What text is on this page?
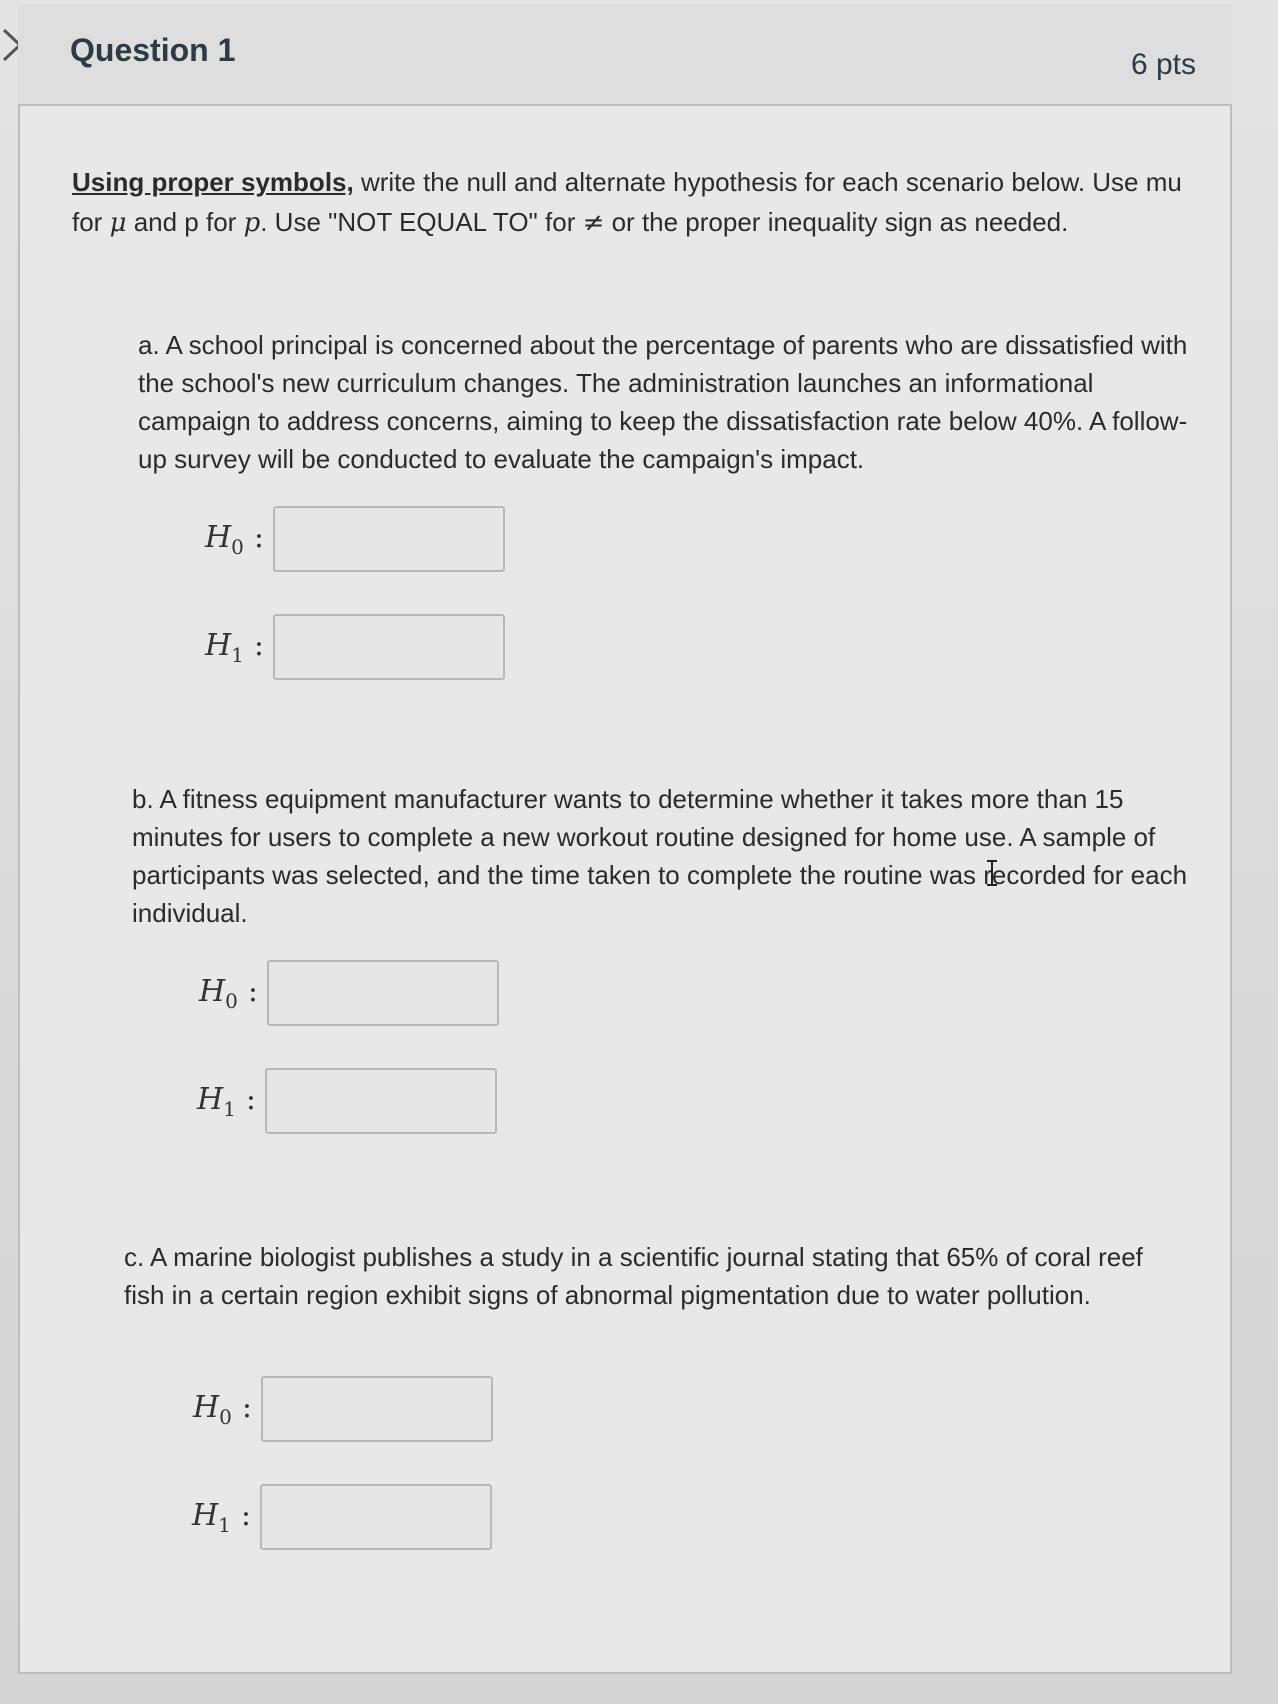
Question 1	6 pts
Using proper symbols, write the null and alternate hypothesis for each scenario below. Use mu for μ and p for p. Use "NOT EQUAL TO" for ≠ or the proper inequality sign as needed.
a. A school principal is concerned about the percentage of parents who are dissatisfied with the school's new curriculum changes. The administration launches an informational campaign to address concerns, aiming to keep the dissatisfaction rate below 40%. A follow-up survey will be conducted to evaluate the campaign's impact.
$H_0$ :
$H_1$ :
b. A fitness equipment manufacturer wants to determine whether it takes more than 15 minutes for users to complete a new workout routine designed for home use. A sample of participants was selected, and the time taken to complete the routine was recorded for each individual.
$H_0$ :
$H_1$ :
c. A marine biologist publishes a study in a scientific journal stating that 65% of coral reef fish in a certain region exhibit signs of abnormal pigmentation due to water pollution.
$H_0$ :
$H_1$ :
